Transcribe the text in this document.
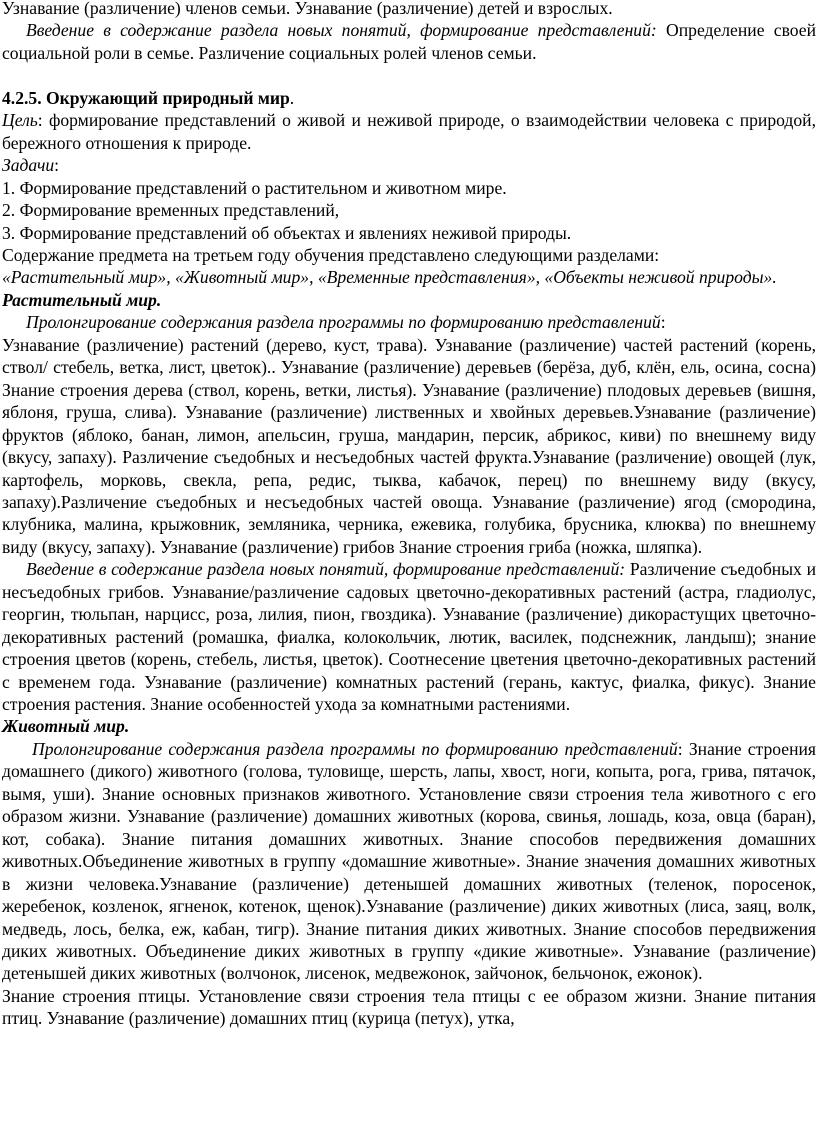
Узнавание (различение) членов семьи. Узнавание (различение) детей и взрослых.

Введение в содержание раздела новых понятий, формирование представлений: Определение своей социальной роли в семье. Различение социальных ролей членов семьи.

4.2.5. Окружающий природный мир.

Цель: формирование представлений о живой и неживой природе, о взаимодействии человека с природой, бережного отношения к природе.

Задачи:

1. Формирование представлений о растительном и животном мире.

2. Формирование временных представлений,

3. Формирование представлений об объектах и явлениях неживой природы.

Содержание предмета на третьем году обучения представлено следующими разделами:

«Растительный мир», «Животный мир», «Временные представления», «Объекты неживой природы».

Растительный мир.

Пролонгирование содержания раздела программы по формированию представлений:

Узнавание (различение) растений (дерево, куст, трава). Узнавание (различение) частей растений (корень, ствол/ стебель, ветка, лист, цветок).. Узнавание (различение) деревьев (берёза, дуб, клён, ель, осина, сосна) Знание строения дерева (ствол, корень, ветки, листья). Узнавание (различение) плодовых деревьев (вишня, яблоня, груша, слива). Узнавание (различение) лиственных и хвойных деревьев.Узнавание (различение) фруктов (яблоко, банан, лимон, апельсин, груша, мандарин, персик, абрикос, киви) по внешнему виду (вкусу, запаху). Различение съедобных и несъедобных частей фрукта.Узнавание (различение) овощей (лук, картофель, морковь, свекла, репа, редис, тыква, кабачок, перец) по внешнему виду (вкусу, запаху).Различение съедобных и несъедобных частей овоща. Узнавание (различение) ягод (смородина, клубника, малина, крыжовник, земляника, черника, ежевика, голубика, брусника, клюква) по внешнему виду (вкусу, запаху). Узнавание (различение) грибов Знание строения гриба (ножка, шляпка).

Введение в содержание раздела новых понятий, формирование представлений: Различение съедобных и несъедобных грибов. Узнавание/различение садовых цветочно-декоративных растений (астра, гладиолус, георгин, тюльпан, нарцисс, роза, лилия, пион, гвоздика). Узнавание (различение) дикорастущих цветочно-декоративных растений (ромашка, фиалка, колокольчик, лютик, василек, подснежник, ландыш); знание строения цветов (корень, стебель, листья, цветок). Соотнесение цветения цветочно-декоративных растений с временем года. Узнавание (различение) комнатных растений (герань, кактус, фиалка, фикус). Знание строения растения. Знание особенностей ухода за комнатными растениями.

Животный мир.

Пролонгирование содержания раздела программы по формированию представлений: Знание строения домашнего (дикого) животного (голова, туловище, шерсть, лапы, хвост, ноги, копыта, рога, грива, пятачок, вымя, уши). Знание основных признаков животного. Установление связи строения тела животного с его образом жизни. Узнавание (различение) домашних животных (корова, свинья, лошадь, коза, овца (баран), кот, собака). Знание питания домашних животных. Знание способов передвижения домашних животных.Объединение животных в группу «домашние животные». Знание значения домашних животных в жизни человека.Узнавание (различение) детенышей домашних животных (теленок, поросенок, жеребенок, козленок, ягненок, котенок, щенок).Узнавание (различение) диких животных (лиса, заяц, волк, медведь, лось, белка, еж, кабан, тигр). Знание питания диких животных. Знание способов передвижения диких животных. Объединение диких животных в группу «дикие животные». Узнавание (различение) детенышей диких животных (волчонок, лисенок, медвежонок, зайчонок, бельчонок, ежонок).

Знание строения птицы. Установление связи строения тела птицы с ее образом жизни. Знание питания птиц. Узнавание (различение) домашних птиц (курица (петух), утка,
